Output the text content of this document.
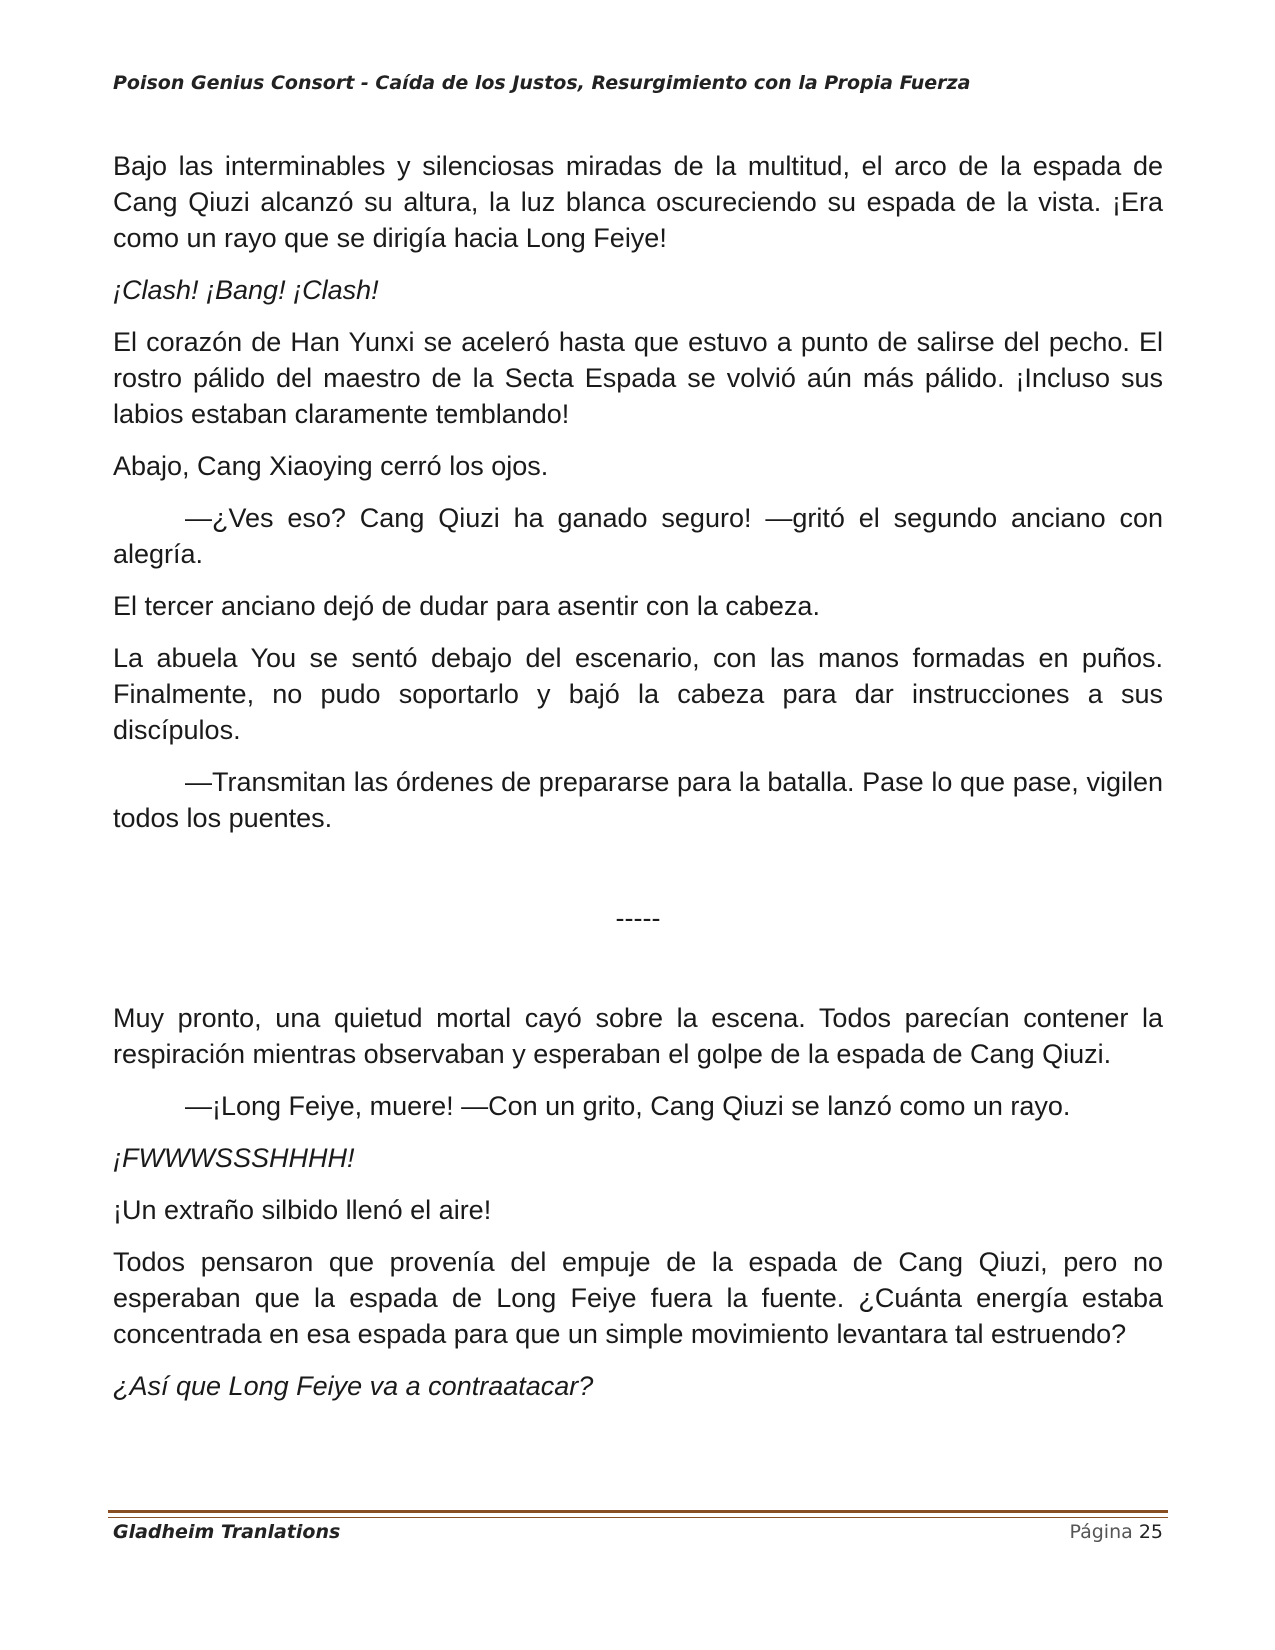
Poison Genius Consort - Caída de los Justos, Resurgimiento con la Propia Fuerza

Bajo las interminables y silenciosas miradas de la multitud, el arco de la espada de Cang Qiuzi alcanzó su altura, la luz blanca oscureciendo su espada de la vista. ¡Era como un rayo que se dirigía hacia Long Feiye!

¡Clash! ¡Bang! ¡Clash!

El corazón de Han Yunxi se aceleró hasta que estuvo a punto de salirse del pecho. El rostro pálido del maestro de la Secta Espada se volvió aún más pálido. ¡Incluso sus labios estaban claramente temblando!

Abajo, Cang Xiaoying cerró los ojos.

—¿Ves eso? Cang Qiuzi ha ganado seguro! —gritó el segundo anciano con alegría.

El tercer anciano dejó de dudar para asentir con la cabeza.

La abuela You se sentó debajo del escenario, con las manos formadas en puños. Finalmente, no pudo soportarlo y bajó la cabeza para dar instrucciones a sus discípulos.

—Transmitan las órdenes de prepararse para la batalla. Pase lo que pase, vigilen todos los puentes.

-----

Muy pronto, una quietud mortal cayó sobre la escena. Todos parecían contener la respiración mientras observaban y esperaban el golpe de la espada de Cang Qiuzi.

—¡Long Feiye, muere! —Con un grito, Cang Qiuzi se lanzó como un rayo.

¡FWWWSSSHHHH!

¡Un extraño silbido llenó el aire!

Todos pensaron que provenía del empuje de la espada de Cang Qiuzi, pero no esperaban que la espada de Long Feiye fuera la fuente. ¿Cuánta energía estaba concentrada en esa espada para que un simple movimiento levantara tal estruendo?

¿Así que Long Feiye va a contraatacar?

Gladheim Tranlations	Página 25
